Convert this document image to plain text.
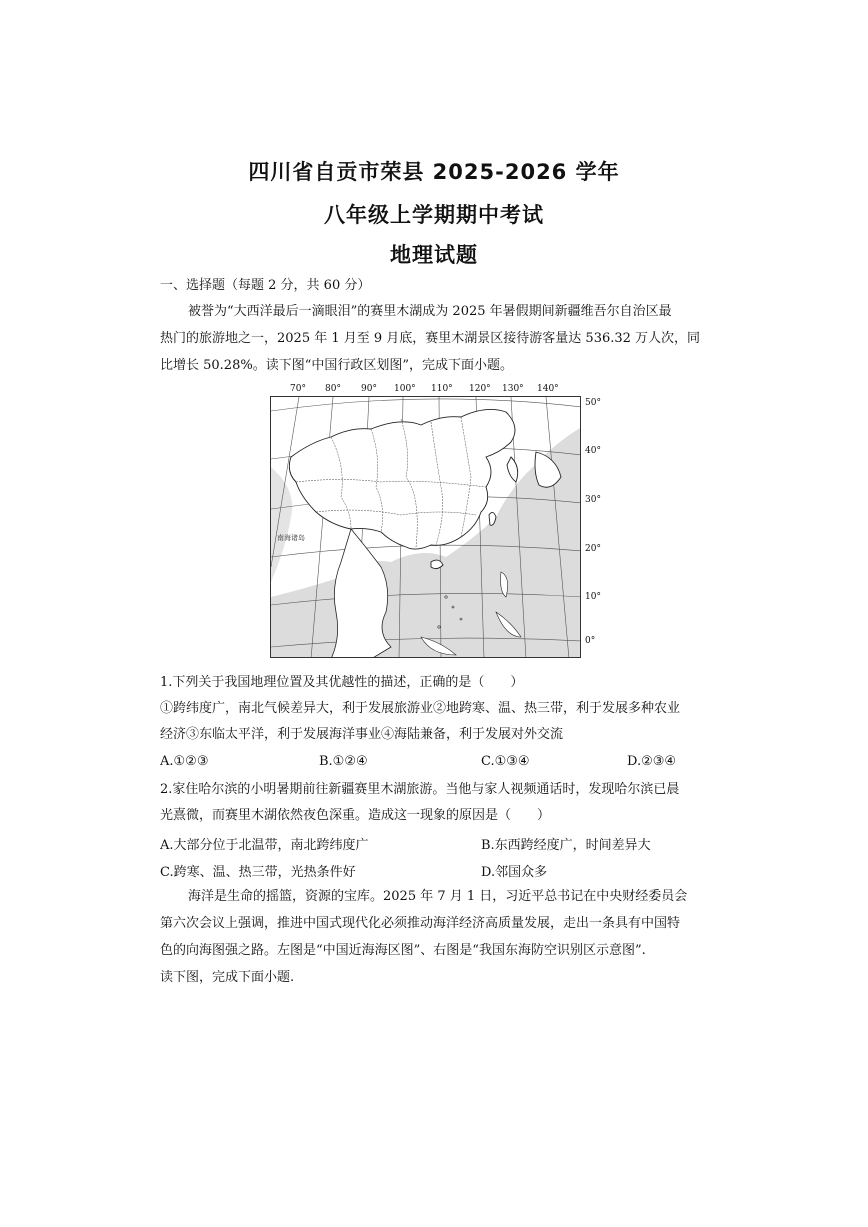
四川省自贡市荣县 2025-2026 学年
八年级上学期期中考试
地理试题
一、选择题（每题 2 分，共 60 分）
被誉为“大西洋最后一滴眼泪”的赛里木湖成为 2025 年暑假期间新疆维吾尔自治区最
热门的旅游地之一，2025 年 1 月至 9 月底，赛里木湖景区接待游客量达 536.32 万人次，同
比增长 50.28%。读下图“中国行政区划图”，完成下面小题。
70° 80° 90° 100° 110° 120° 130° 140°
50°
40°
30°
20°
10°
0°
南海诸岛
1.下列关于我国地理位置及其优越性的描述，正确的是（　　）
①跨纬度广，南北气候差异大，利于发展旅游业②地跨寒、温、热三带，利于发展多种农业
经济③东临太平洋，利于发展海洋事业④海陆兼备，利于发展对外交流
A.①②③	B.①②④	C.①③④	D.②③④
2.家住哈尔滨的小明暑期前往新疆赛里木湖旅游。当他与家人视频通话时，发现哈尔滨已晨
光熹微，而赛里木湖依然夜色深重。造成这一现象的原因是（　　）
A.大部分位于北温带，南北跨纬度广	B.东西跨经度广，时间差异大
C.跨寒、温、热三带，光热条件好	D.邻国众多
海洋是生命的摇篮，资源的宝库。2025 年 7 月 1 日，习近平总书记在中央财经委员会
第六次会议上强调，推进中国式现代化必须推动海洋经济高质量发展，走出一条具有中国特
色的向海图强之路。左图是“中国近海海区图”、右图是“我国东海防空识别区示意图”.
读下图，完成下面小题.
